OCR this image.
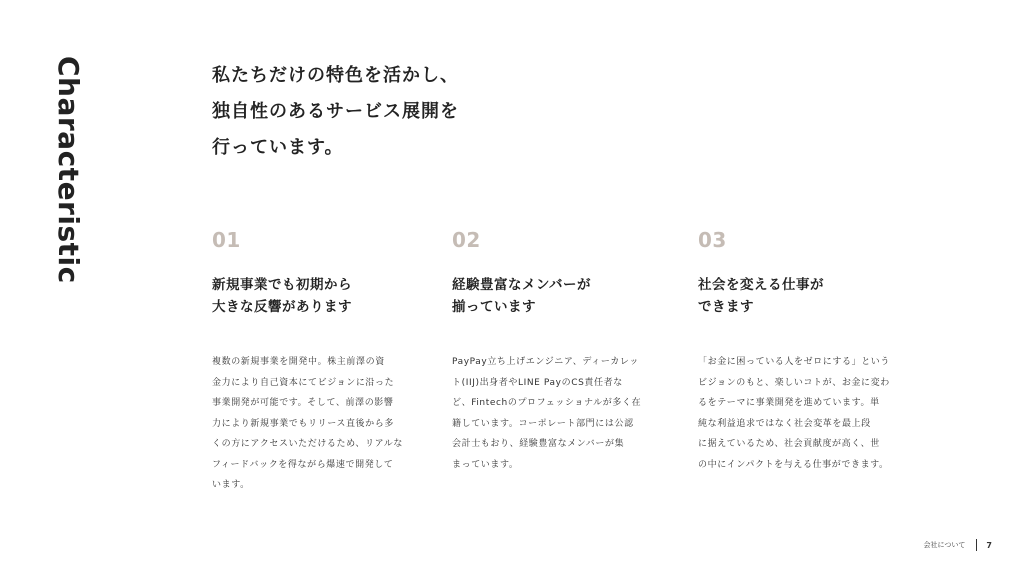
Characteristic	私たちだけの特色を活かし、
独自性のあるサービス展開を
行っています。
01
新規事業でも初期から
大きな反響があります
複数の新規事業を開発中。株主前澤の資
金力により自己資本にてビジョンに沿った
事業開発が可能です。そして、前澤の影響
力により新規事業でもリリース直後から多
くの方にアクセスいただけるため、リアルな
フィードバックを得ながら爆速で開発して
います。
02
経験豊富なメンバーが
揃っています
PayPay立ち上げエンジニア、ディーカレッ
ト(IIJ)出身者やLINE PayのCS責任者な
ど、Fintechのプロフェッショナルが多く在
籍しています。コーポレート部門には公認
会計士もおり、経験豊富なメンバーが集
まっています。
03
社会を変える仕事が
できます
「お金に困っている人をゼロにする」という
ビジョンのもと、楽しいコトが、お金に変わ
るをテーマに事業開発を進めています。単
純な利益追求ではなく社会変革を最上段
に据えているため、社会貢献度が高く、世
の中にインパクトを与える仕事ができます。
会社について	7
